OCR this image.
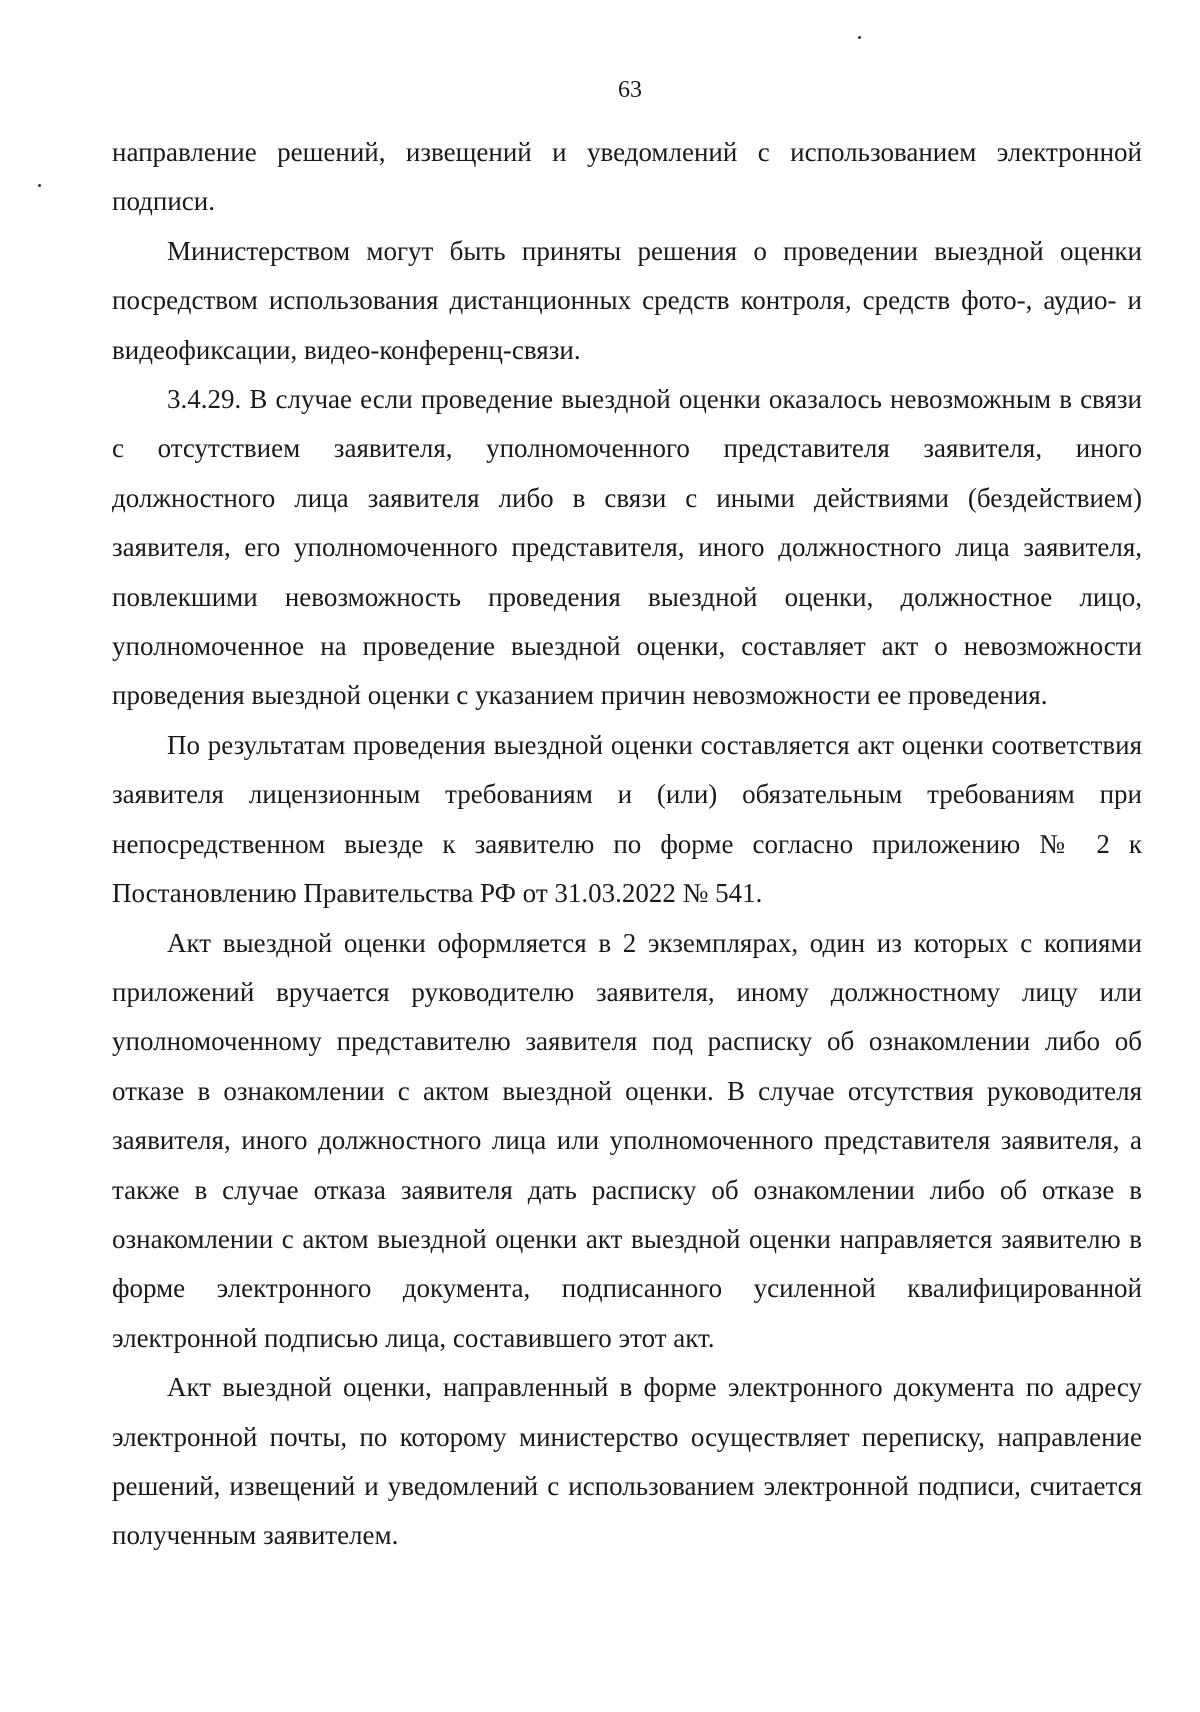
63

направление решений, извещений и уведомлений с использованием электронной подписи.

Министерством могут быть приняты решения о проведении выездной оценки посредством использования дистанционных средств контроля, средств фото-, аудио- и видеофиксации, видео-конференц-связи.

3.4.29. В случае если проведение выездной оценки оказалось невозможным в связи с отсутствием заявителя, уполномоченного представителя заявителя, иного должностного лица заявителя либо в связи с иными действиями (бездействием) заявителя, его уполномоченного представителя, иного должностного лица заявителя, повлекшими невозможность проведения выездной оценки, должностное лицо, уполномоченное на проведение выездной оценки, составляет акт о невозможности проведения выездной оценки с указанием причин невозможности ее проведения.

По результатам проведения выездной оценки составляется акт оценки соответствия заявителя лицензионным требованиям и (или) обязательным требованиям при непосредственном выезде к заявителю по форме согласно приложению № 2 к Постановлению Правительства РФ от 31.03.2022 № 541.

Акт выездной оценки оформляется в 2 экземплярах, один из которых с копиями приложений вручается руководителю заявителя, иному должностному лицу или уполномоченному представителю заявителя под расписку об ознакомлении либо об отказе в ознакомлении с актом выездной оценки. В случае отсутствия руководителя заявителя, иного должностного лица или уполномоченного представителя заявителя, а также в случае отказа заявителя дать расписку об ознакомлении либо об отказе в ознакомлении с актом выездной оценки акт выездной оценки направляется заявителю в форме электронного документа, подписанного усиленной квалифицированной электронной подписью лица, составившего этот акт.

Акт выездной оценки, направленный в форме электронного документа по адресу электронной почты, по которому министерство осуществляет переписку, направление решений, извещений и уведомлений с использованием электронной подписи, считается полученным заявителем.
